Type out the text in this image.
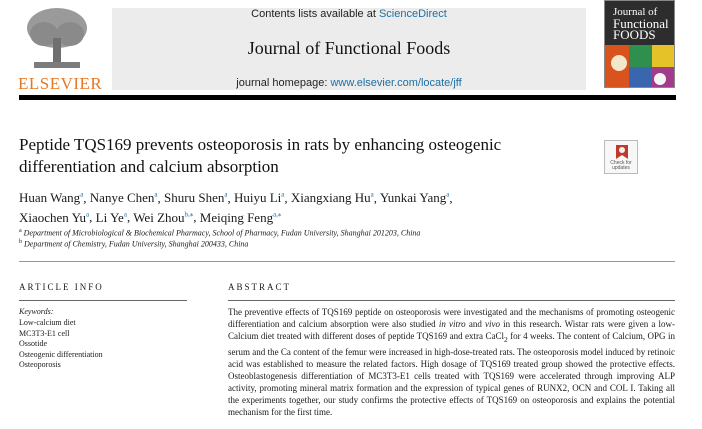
ELSEVIER
Contents lists available at ScienceDirect
Journal of Functional Foods
journal homepage: www.elsevier.com/locate/jff
Journal of
Functional
FOODS
Peptide TQS169 prevents osteoporosis in rats by enhancing osteogenic differentiation and calcium absorption	Check for
updates
Huan Wang$^a$, Nanye Chen$^a$, Shuru Shen$^a$, Huiyu Li$^a$, Xiangxiang Hu$^a$, Yunkai Yang$^a$,
Xiaochen Yu$^a$, Li Ye$^a$, Wei Zhou$^{b,⁎}$, Meiqing Feng$^{a,⁎}$
$^a$ Department of Microbiological & Biochemical Pharmacy, School of Pharmacy, Fudan University, Shanghai 201203, China
$^b$ Department of Chemistry, Fudan University, Shanghai 200433, China
ARTICLE INFO
Keywords:
Low-calcium diet
MC3T3-E1 cell
Ossotide
Osteogenic differentiation
Osteoporosis
ABSTRACT
The preventive effects of TQS169 peptide on osteoporosis were investigated and the mechanisms of promoting osteogenic differentiation and calcium absorption were also studied in vitro and vivo in this research. Wistar rats were given a low-Calcium diet treated with different doses of peptide TQS169 and extra CaCl$_2$ for 4 weeks. The content of Calcium, OPG in serum and the Ca content of the femur were increased in high-dose-treated rats. The osteoporosis model induced by retinoic acid was established to measure the related factors. High dosage of TQS169 treated group showed the protective effects. Osteoblastogenesis differentiation of MC3T3-E1 cells treated with TQS169 were accelerated through improving ALP activity, promoting mineral matrix formation and the expression of typical genes of RUNX2, OCN and COL I. Taking all the experiments together, our study confirms the protective effects of TQS169 on osteoporosis and explains the potential mechanism for the first time.
